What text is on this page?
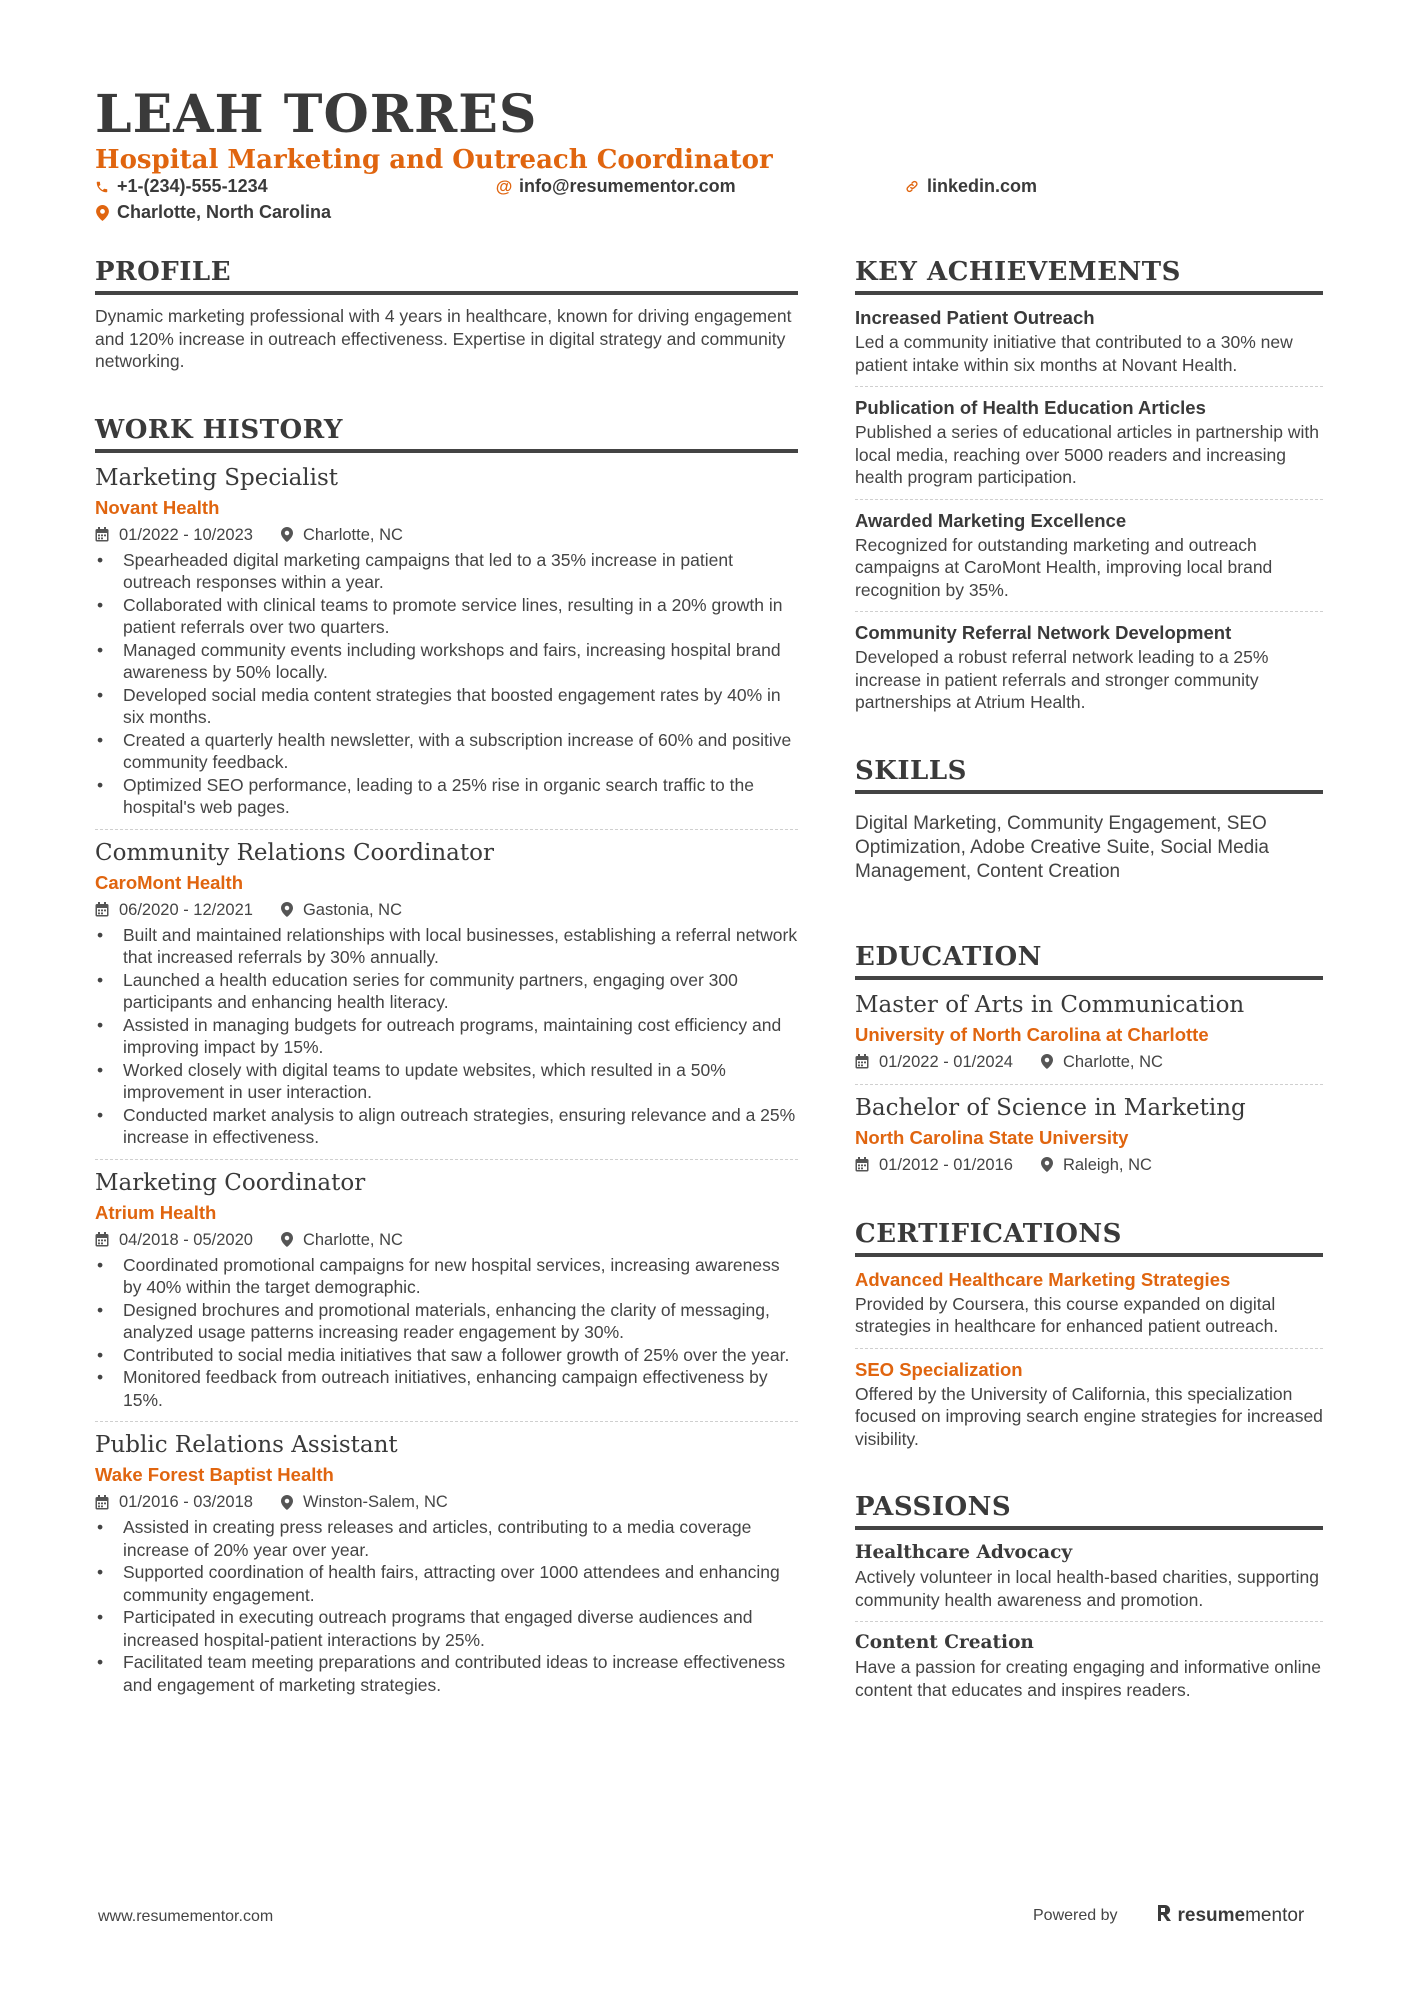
LEAH TORRES
Hospital Marketing and Outreach Coordinator
+1-(234)-555-1234	@ info@resumementor.com	linkedin.com
Charlotte, North Carolina
PROFILE

Dynamic marketing professional with 4 years in healthcare, known for driving engagement and 120% increase in outreach effectiveness. Expertise in digital strategy and community networking.

WORK HISTORY
Marketing Specialist
Novant Health
01/2022 - 10/2023	Charlotte, NC
• Spearheaded digital marketing campaigns that led to a 35% increase in patient outreach responses within a year.
• Collaborated with clinical teams to promote service lines, resulting in a 20% growth in patient referrals over two quarters.
• Managed community events including workshops and fairs, increasing hospital brand awareness by 50% locally.
• Developed social media content strategies that boosted engagement rates by 40% in six months.
• Created a quarterly health newsletter, with a subscription increase of 60% and positive community feedback.
• Optimized SEO performance, leading to a 25% rise in organic search traffic to the hospital's web pages.
Community Relations Coordinator
CaroMont Health
06/2020 - 12/2021	Gastonia, NC
• Built and maintained relationships with local businesses, establishing a referral network that increased referrals by 30% annually.
• Launched a health education series for community partners, engaging over 300 participants and enhancing health literacy.
• Assisted in managing budgets for outreach programs, maintaining cost efficiency and improving impact by 15%.
• Worked closely with digital teams to update websites, which resulted in a 50% improvement in user interaction.
• Conducted market analysis to align outreach strategies, ensuring relevance and a 25% increase in effectiveness.
Marketing Coordinator
Atrium Health
04/2018 - 05/2020	Charlotte, NC
• Coordinated promotional campaigns for new hospital services, increasing awareness by 40% within the target demographic.
• Designed brochures and promotional materials, enhancing the clarity of messaging, analyzed usage patterns increasing reader engagement by 30%.
• Contributed to social media initiatives that saw a follower growth of 25% over the year.
• Monitored feedback from outreach initiatives, enhancing campaign effectiveness by 15%.
Public Relations Assistant
Wake Forest Baptist Health
01/2016 - 03/2018	Winston-Salem, NC
• Assisted in creating press releases and articles, contributing to a media coverage increase of 20% year over year.
• Supported coordination of health fairs, attracting over 1000 attendees and enhancing community engagement.
• Participated in executing outreach programs that engaged diverse audiences and increased hospital-patient interactions by 25%.
• Facilitated team meeting preparations and contributed ideas to increase effectiveness and engagement of marketing strategies.
KEY ACHIEVEMENTS
Increased Patient Outreach

Led a community initiative that contributed to a 30% new patient intake within six months at Novant Health.

Publication of Health Education Articles

Published a series of educational articles in partnership with local media, reaching over 5000 readers and increasing health program participation.

Awarded Marketing Excellence

Recognized for outstanding marketing and outreach campaigns at CaroMont Health, improving local brand recognition by 35%.

Community Referral Network Development

Developed a robust referral network leading to a 25% increase in patient referrals and stronger community partnerships at Atrium Health.

SKILLS

Digital Marketing, Community Engagement, SEO Optimization, Adobe Creative Suite, Social Media Management, Content Creation

EDUCATION
Master of Arts in Communication
University of North Carolina at Charlotte
01/2022 - 01/2024	Charlotte, NC
Bachelor of Science in Marketing
North Carolina State University
01/2012 - 01/2016	Raleigh, NC
CERTIFICATIONS
Advanced Healthcare Marketing Strategies

Provided by Coursera, this course expanded on digital strategies in healthcare for enhanced patient outreach.

SEO Specialization

Offered by the University of California, this specialization focused on improving search engine strategies for increased visibility.

PASSIONS
Healthcare Advocacy

Actively volunteer in local health-based charities, supporting community health awareness and promotion.

Content Creation

Have a passion for creating engaging and informative online content that educates and inspires readers.

www.resumementor.com	Powered by	resume mentor
